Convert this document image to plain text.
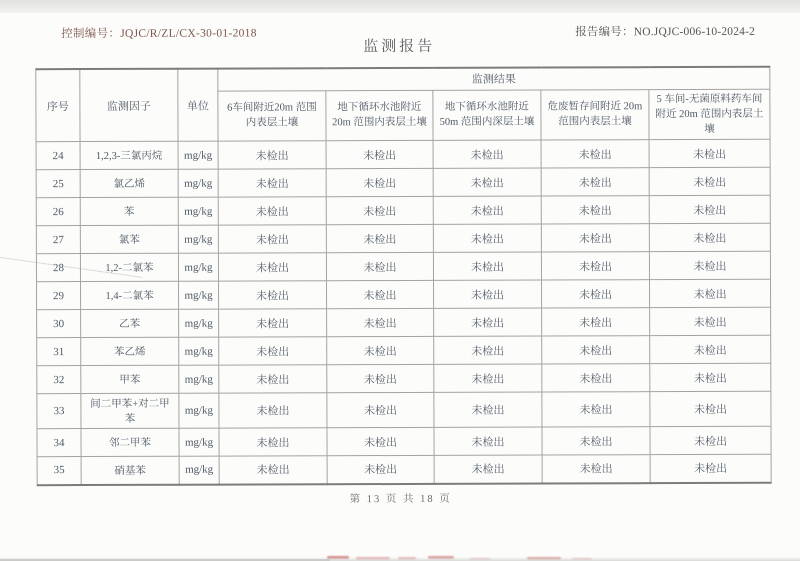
控制编号：JQJC/R/ZL/CX-30-01-2018	报告编号：NO.JQJC-006-10-2024-2
监测报告
序号	监测因子	单位	监测结果				
			6车间附近20m 范围内表层土壤	地下循环水池附近 20m 范围内表层土壤	地下循环水池附近 50m 范围内深层土壤	危废暂存间附近 20m 范围内表层土壤	5 车间-无菌原料药车间附近 20m 范围内表层土壤
24	1,2,3-三氯丙烷	mg/kg	未检出	未检出	未检出	未检出	未检出
25	氯乙烯	mg/kg	未检出	未检出	未检出	未检出	未检出
26	苯	mg/kg	未检出	未检出	未检出	未检出	未检出
27	氯苯	mg/kg	未检出	未检出	未检出	未检出	未检出
28	1,2-二氯苯	mg/kg	未检出	未检出	未检出	未检出	未检出
29	1,4-二氯苯	mg/kg	未检出	未检出	未检出	未检出	未检出
30	乙苯	mg/kg	未检出	未检出	未检出	未检出	未检出
31	苯乙烯	mg/kg	未检出	未检出	未检出	未检出	未检出
32	甲苯	mg/kg	未检出	未检出	未检出	未检出	未检出
33	间二甲苯+对二甲苯	mg/kg	未检出	未检出	未检出	未检出	未检出
34	邻二甲苯	mg/kg	未检出	未检出	未检出	未检出	未检出
35	硝基苯	mg/kg	未检出	未检出	未检出	未检出	未检出
第 13 页 共 18 页
